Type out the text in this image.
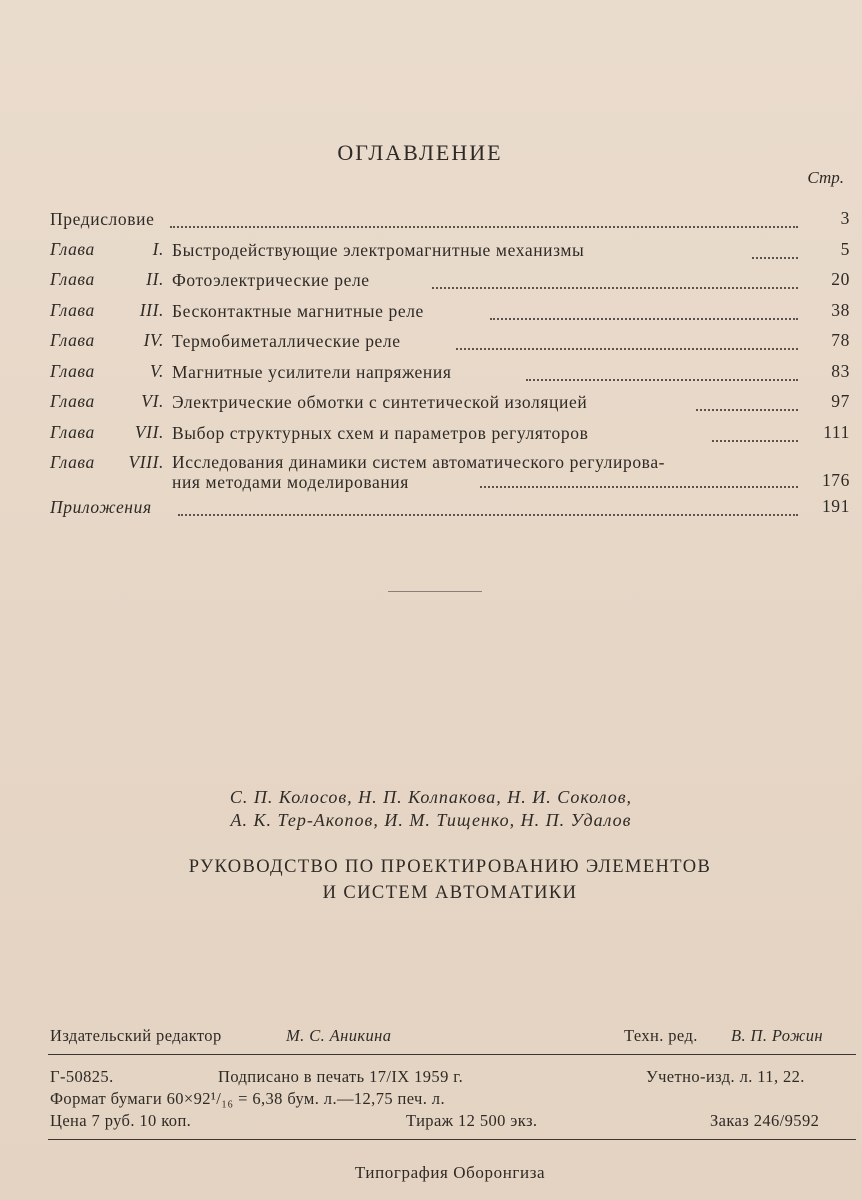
ОГЛАВЛЕНИЕ
Стр.
Предисловие	3
Глава	I. Быстродействующие электромагнитные механизмы	5
Глава	II. Фотоэлектрические реле	20
Глава	III. Бесконтактные магнитные реле	38
Глава	IV. Термобиметаллические реле	78
Глава	V. Магнитные усилители напряжения	83
Глава	VI. Электрические обмотки с синтетической изоляцией	97
Глава VII. Выбор структурных схем и параметров регуляторов	111
Глава VIII. Исследования динамики систем автоматического регулирова-
ния методами моделирования	176
Приложения	191
С. П. Колосов, Н. П. Колпакова, Н. И. Соколов,
А. К. Тер-Акопов, И. М. Тищенко, Н. П. Удалов
РУКОВОДСТВО ПО ПРОЕКТИРОВАНИЮ ЭЛЕМЕНТОВ
И СИСТЕМ АВТОМАТИКИ
Издательский редактор	М. С. Аникина	Техн. ред. В. П. Рожин
Г-50825.	Подписано в печать 17/IX 1959 г.	Учетно-изд. л. 11, 22.
Формат бумаги 60×92¹/₁₆ = 6,38 бум. л.—12,75 печ. л.
Цена 7 руб. 10 коп.	Тираж 12 500 экз.	Заказ 246/9592
Типография Оборонгиза
